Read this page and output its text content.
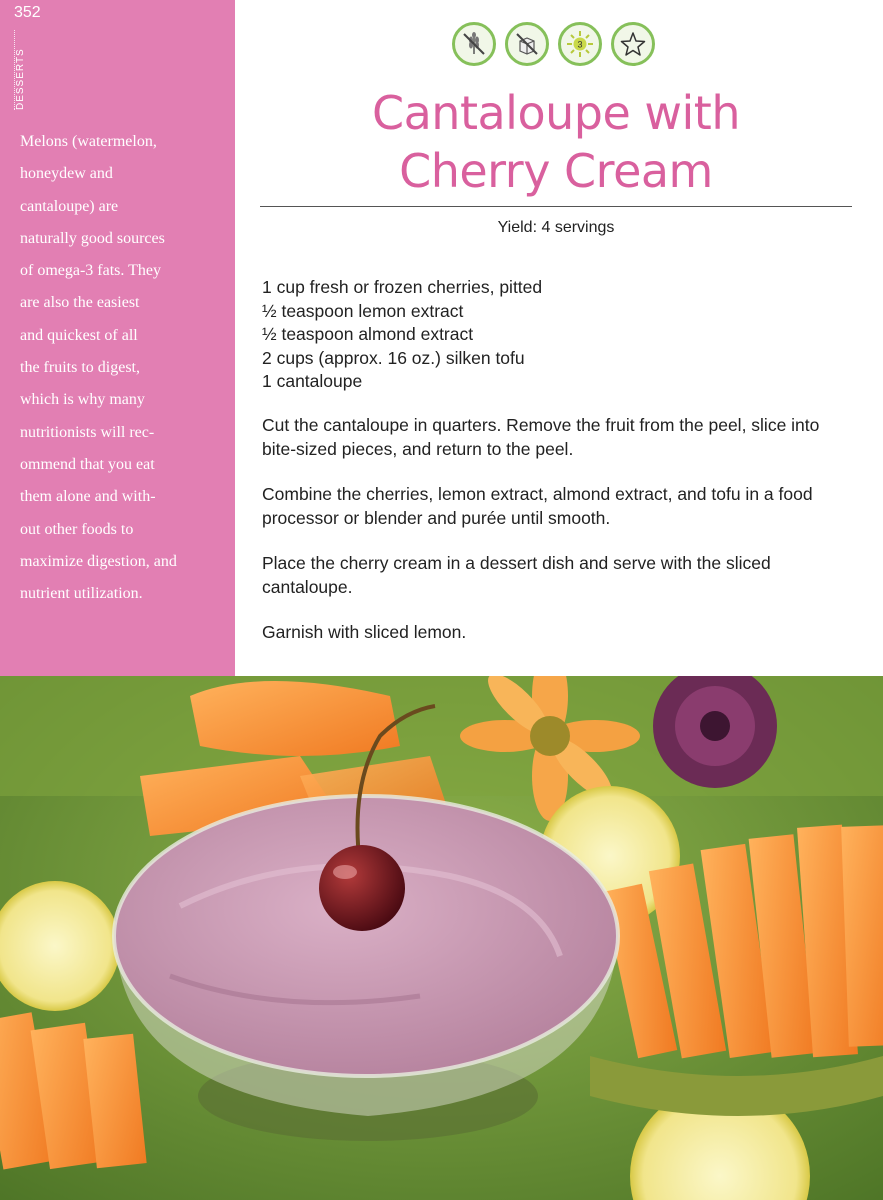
352
DESSERTS

Melons (watermelon,
honeydew and
cantaloupe) are
naturally good sources
of omega-3 fats. They
are also the easiest
and quickest of all
the fruits to digest,
which is why many
nutritionists will rec-
ommend that you eat
them alone and with-
out other foods to
maximize digestion, and
nutrient utilization.

3
Cantaloupe with
Cherry Cream
Yield: 4 servings
1 cup fresh or frozen cherries, pitted
½ teaspoon lemon extract
½ teaspoon almond extract
2 cups (approx. 16 oz.) silken tofu
1 cantaloupe

Cut the cantaloupe in quarters. Remove the fruit from the peel, slice into bite-sized pieces, and return to the peel.

Combine the cherries, lemon extract, almond extract, and tofu in a food processor or blender and purée until smooth.

Place the cherry cream in a dessert dish and serve with the sliced cantaloupe.

Garnish with sliced lemon.
